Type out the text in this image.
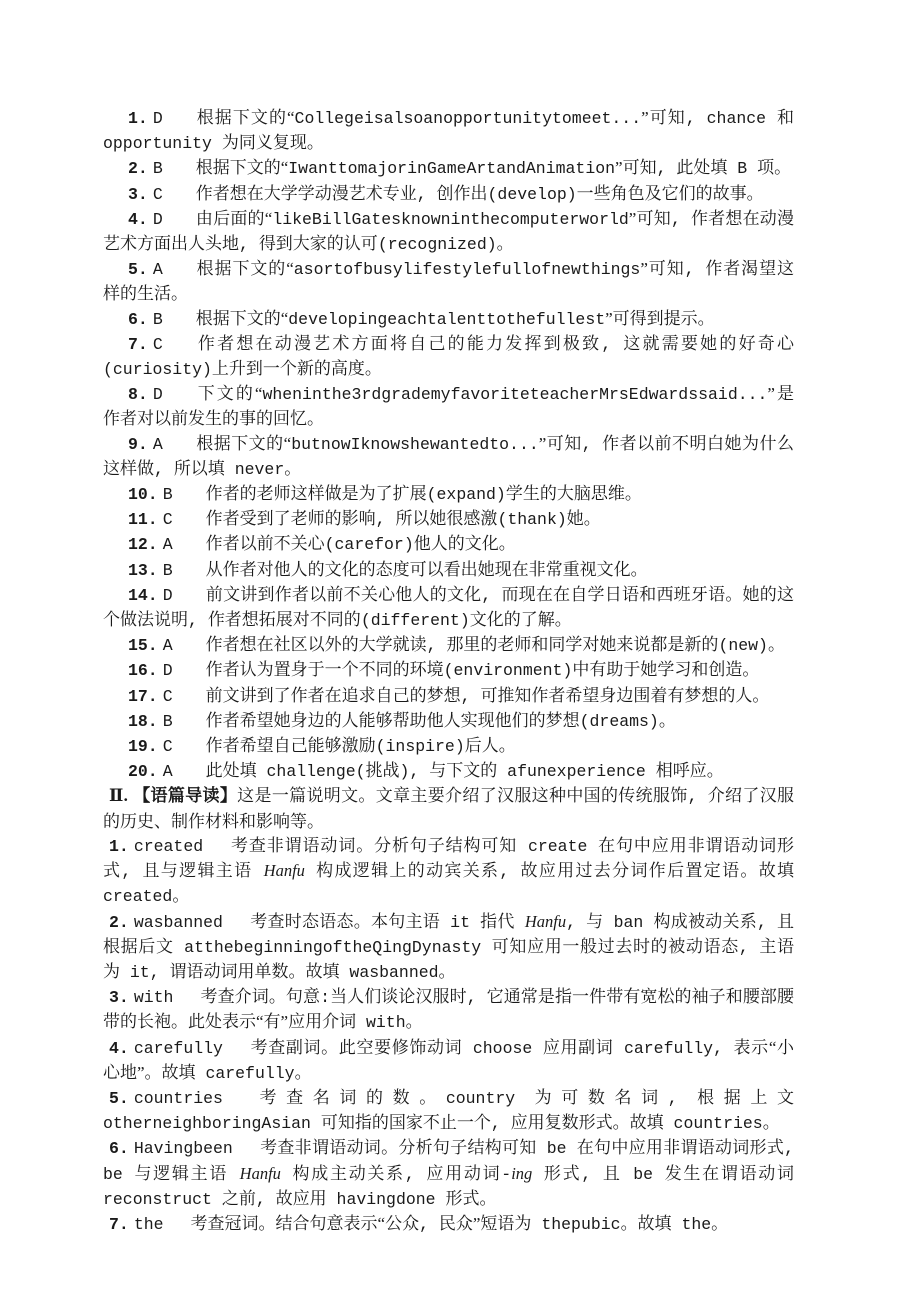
1. D 根据下文的“Collegeisalsoanopportunitytomeet...”可知, chance 和 opportunity 为同义复现。

2. B 根据下文的“IwanttomajorinGameArtandAnimation”可知, 此处填 B 项。

3. C 作者想在大学学动漫艺术专业, 创作出(develop)一些角色及它们的故事。

4. D 由后面的“likeBillGatesknowninthecomputerworld”可知, 作者想在动漫艺术方面出人头地, 得到大家的认可(recognized)。

5. A 根据下文的“asortofbusylifestylefullofnewthings”可知, 作者渴望这样的生活。

6. B 根据下文的“developingeachtalenttothefullest”可得到提示。

7. C 作者想在动漫艺术方面将自己的能力发挥到极致, 这就需要她的好奇心(curiosity)上升到一个新的高度。

8. D 下文的“wheninthe3rdgrademyfavoriteteacherMrsEdwardssaid...”是作者对以前发生的事的回忆。

9. A 根据下文的“butnowIknowshewantedto...”可知, 作者以前不明白她为什么这样做, 所以填 never。

10. B 作者的老师这样做是为了扩展(expand)学生的大脑思维。

11. C 作者受到了老师的影响, 所以她很感激(thank)她。

12. A 作者以前不关心(carefor)他人的文化。

13. B 从作者对他人的文化的态度可以看出她现在非常重视文化。

14. D 前文讲到作者以前不关心他人的文化, 而现在在自学日语和西班牙语。她的这个做法说明, 作者想拓展对不同的(different)文化的了解。

15. A 作者想在社区以外的大学就读, 那里的老师和同学对她来说都是新的(new)。

16. D 作者认为置身于一个不同的环境(environment)中有助于她学习和创造。

17. C 前文讲到了作者在追求自己的梦想, 可推知作者希望身边围着有梦想的人。

18. B 作者希望她身边的人能够帮助他人实现他们的梦想(dreams)。

19. C 作者希望自己能够激励(inspire)后人。

20. A 此处填 challenge(挑战), 与下文的 afunexperience 相呼应。

Ⅱ. 【语篇导读】这是一篇说明文。文章主要介绍了汉服这种中国的传统服饰, 介绍了汉服的历史、制作材料和影响等。

1. created 考查非谓语动词。分析句子结构可知 create 在句中应用非谓语动词形式, 且与逻辑主语 Hanfu 构成逻辑上的动宾关系, 故应用过去分词作后置定语。故填 created。

2. wasbanned 考查时态语态。本句主语 it 指代 Hanfu, 与 ban 构成被动关系, 且根据后文 atthebeginningoftheQingDynasty 可知应用一般过去时的被动语态, 主语为 it, 谓语动词用单数。故填 wasbanned。

3. with 考查介词。句意:当人们谈论汉服时, 它通常是指一件带有宽松的袖子和腰部腰带的长袍。此处表示“有”应用介词 with。

4. carefully 考查副词。此空要修饰动词 choose 应用副词 carefully, 表示“小心地”。故填 carefully。

5. countries 考查名词的数。country 为可数名词, 根据上文 otherneighboringAsian 可知指的国家不止一个, 应用复数形式。故填 countries。

6. Havingbeen 考查非谓语动词。分析句子结构可知 be 在句中应用非谓语动词形式, be 与逻辑主语 Hanfu 构成主动关系, 应用动词-ing 形式, 且 be 发生在谓语动词 reconstruct 之前, 故应用 havingdone 形式。

7. the 考查冠词。结合句意表示“公众, 民众”短语为 thepubic。故填 the。
